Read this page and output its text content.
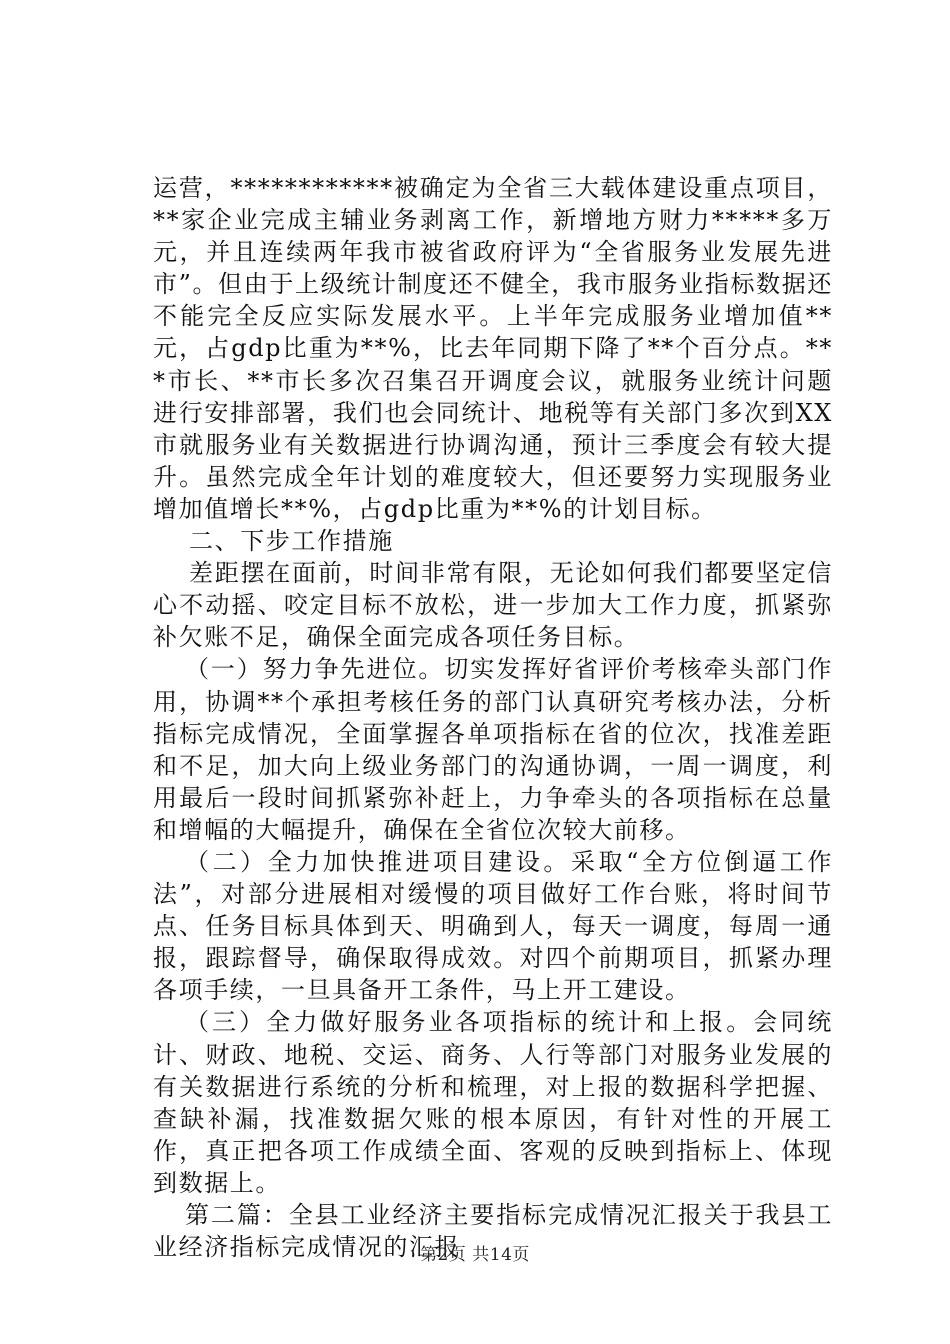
运营，************被确定为全省三大载体建设重点项目，**家企业完成主辅业务剥离工作，新增地方财力*****多万元，并且连续两年我市被省政府评为“全省服务业发展先进市”。但由于上级统计制度还不健全，我市服务业指标数据还不能完全反应实际发展水平。上半年完成服务业增加值**元，占gdp比重为**%，比去年同期下降了**个百分点。***市长、**市长多次召集召开调度会议，就服务业统计问题进行安排部署，我们也会同统计、地税等有关部门多次到XX市就服务业有关数据进行协调沟通，预计三季度会有较大提升。虽然完成全年计划的难度较大，但还要努力实现服务业增加值增长**%，占gdp比重为**%的计划目标。

二、下步工作措施

差距摆在面前，时间非常有限，无论如何我们都要坚定信心不动摇、咬定目标不放松，进一步加大工作力度，抓紧弥补欠账不足，确保全面完成各项任务目标。

（一）努力争先进位。切实发挥好省评价考核牵头部门作用，协调**个承担考核任务的部门认真研究考核办法，分析指标完成情况，全面掌握各单项指标在省的位次，找准差距和不足，加大向上级业务部门的沟通协调，一周一调度，利用最后一段时间抓紧弥补赶上，力争牵头的各项指标在总量和增幅的大幅提升，确保在全省位次较大前移。

（二）全力加快推进项目建设。采取“全方位倒逼工作法”，对部分进展相对缓慢的项目做好工作台账，将时间节点、任务目标具体到天、明确到人，每天一调度，每周一通报，跟踪督导，确保取得成效。对四个前期项目，抓紧办理各项手续，一旦具备开工条件，马上开工建设。

（三）全力做好服务业各项指标的统计和上报。会同统计、财政、地税、交运、商务、人行等部门对服务业发展的有关数据进行系统的分析和梳理，对上报的数据科学把握、查缺补漏，找准数据欠账的根本原因，有针对性的开展工作，真正把各项工作成绩全面、客观的反映到指标上、体现到数据上。

第二篇：全县工业经济主要指标完成情况汇报关于我县工业经济指标完成情况的汇报

第2页 共14页
